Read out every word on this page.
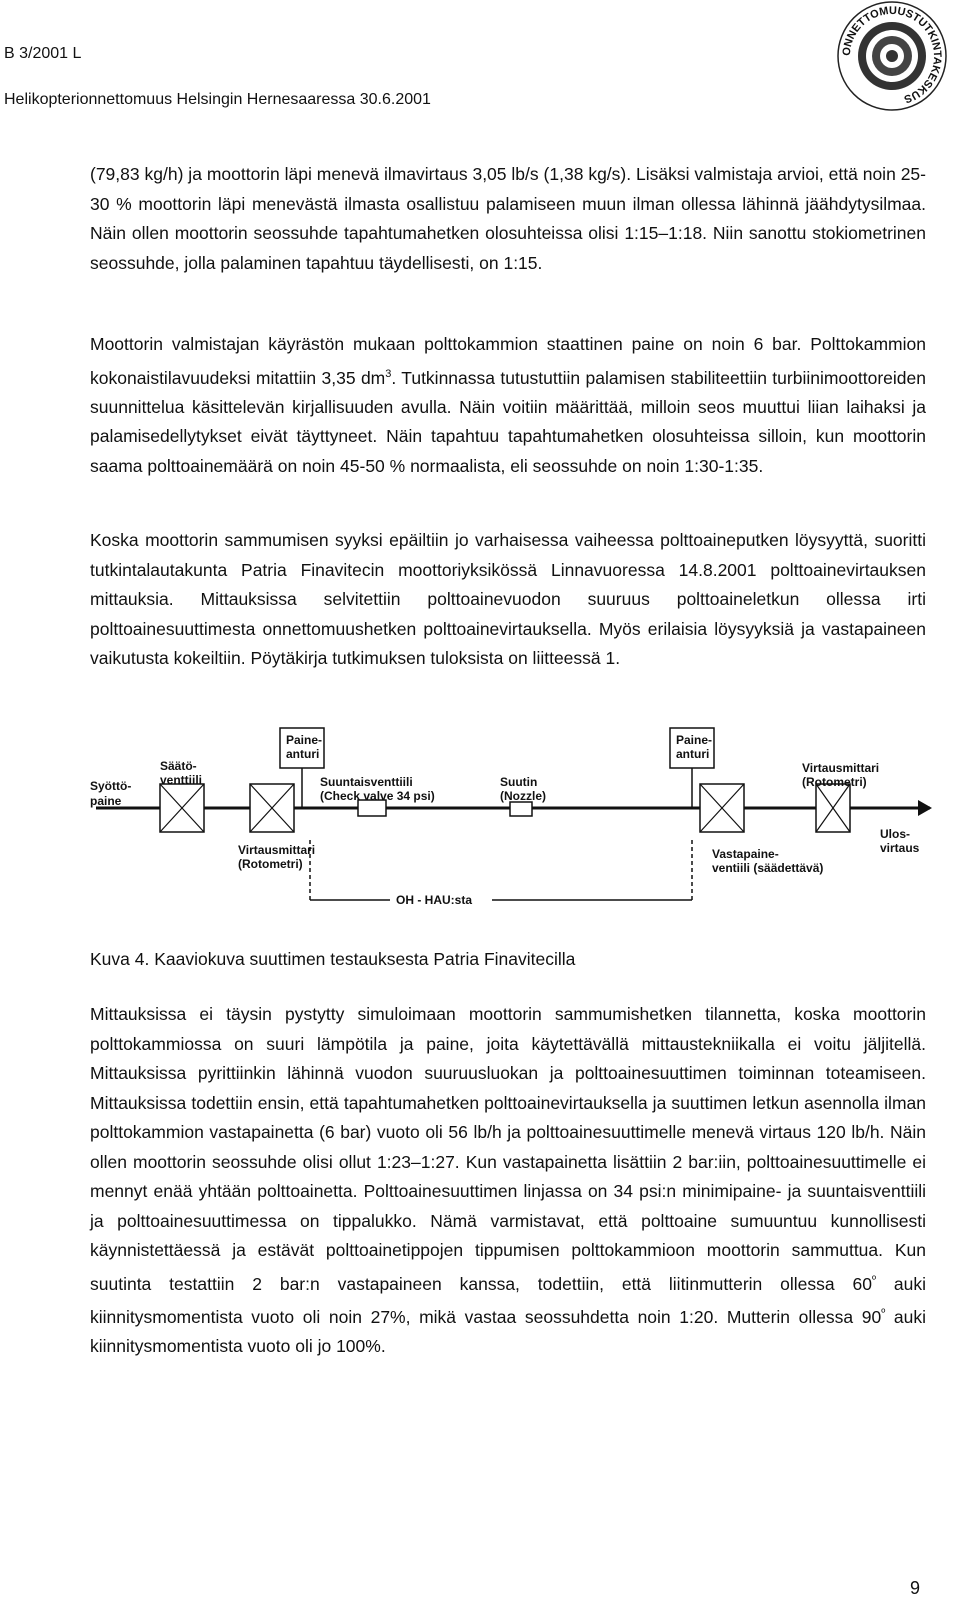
B 3/2001 L
Helikopterionnettomuus Helsingin Hernesaaressa 30.6.2001
ONNETTOMUUSTUTKINTAKESKUS

(79,83 kg/h) ja moottorin läpi menevä ilmavirtaus 3,05 lb/s (1,38 kg/s). Lisäksi valmistaja arvioi, että noin 25-30 % moottorin läpi menevästä ilmasta osallistuu palamiseen muun ilman ollessa lähinnä jäähdytysilmaa. Näin ollen moottorin seossuhde tapahtumahetken olosuhteissa olisi 1:15–1:18. Niin sanottu stokiometrinen seossuhde, jolla palaminen tapahtuu täydellisesti, on 1:15.

Moottorin valmistajan käyrästön mukaan polttokammion staattinen paine on noin 6 bar. Polttokammion kokonaistilavuudeksi mitattiin 3,35 $dm^3$. Tutkinnassa tutustuttiin palamisen stabiliteettiin turbiinimoottoreiden suunnittelua käsittelevän kirjallisuuden avulla. Näin voitiin määrittää, milloin seos muuttui liian laihaksi ja palamisedellytykset eivät täyttyneet. Näin tapahtuu tapahtumahetken olosuhteissa silloin, kun moottorin saama polttoainemäärä on noin 45-50 % normaalista, eli seossuhde on noin 1:30-1:35.

Koska moottorin sammumisen syyksi epäiltiin jo varhaisessa vaiheessa polttoaineputken löysyyttä, suoritti tutkintalautakunta Patria Finavitecin moottoriyksikössä Linnavuoressa 14.8.2001 polttoainevirtauksen mittauksia. Mittauksissa selvitettiin polttoainevuodon suuruus polttoaineletkun ollessa irti polttoainesuuttimesta onnettomuushetken polttoainevirtauksella. Myös erilaisia löysyyksiä ja vastapaineen vaikutusta kokeiltiin. Pöytäkirja tutkimuksen tuloksista on liitteessä 1.

Syöttö-
paine
Säätö-
venttiili
Paine-
anturi
Suuntaisventtiili
(Check valve 34 psi)
Suutin
(Nozzle)
Paine-
anturi
Virtausmittari
(Rotometri)
Virtausmittari
(Rotometri)
Vastapaine-
ventiili (säädettävä)
Ulos-
virtaus
OH - HAU:sta
Kuva 4. Kaaviokuva suuttimen testauksesta Patria Finavitecilla

Mittauksissa ei täysin pystytty simuloimaan moottorin sammumishetken tilannetta, koska moottorin polttokammiossa on suuri lämpötila ja paine, joita käytettävällä mittaustekniikalla ei voitu jäljitellä. Mittauksissa pyrittiinkin lähinnä vuodon suuruusluokan ja polttoainesuuttimen toiminnan toteamiseen. Mittauksissa todettiin ensin, että tapahtumahetken polttoainevirtauksella ja suuttimen letkun asennolla ilman polttokammion vastapainetta (6 bar) vuoto oli 56 lb/h ja polttoainesuuttimelle menevä virtaus 120 lb/h. Näin ollen moottorin seossuhde olisi ollut 1:23–1:27. Kun vastapainetta lisättiin 2 bar:iin, polttoainesuuttimelle ei mennyt enää yhtään polttoainetta. Polttoainesuuttimen linjassa on 34 psi:n minimipaine- ja suuntaisventtiili ja polttoainesuuttimessa on tippalukko. Nämä varmistavat, että polttoaine sumuuntuu kunnollisesti käynnistettäessä ja estävät polttoainetippojen tippumisen polttokammioon moottorin sammuttua. Kun suutinta testattiin 2 bar:n vastapaineen kanssa, todettiin, että liitinmutterin ollessa $60^º$ auki kiinnitysmomentista vuoto oli noin 27%, mikä vastaa seossuhdetta noin 1:20. Mutterin ollessa $90^º$ auki kiinnitysmomentista vuoto oli jo 100%.

9
